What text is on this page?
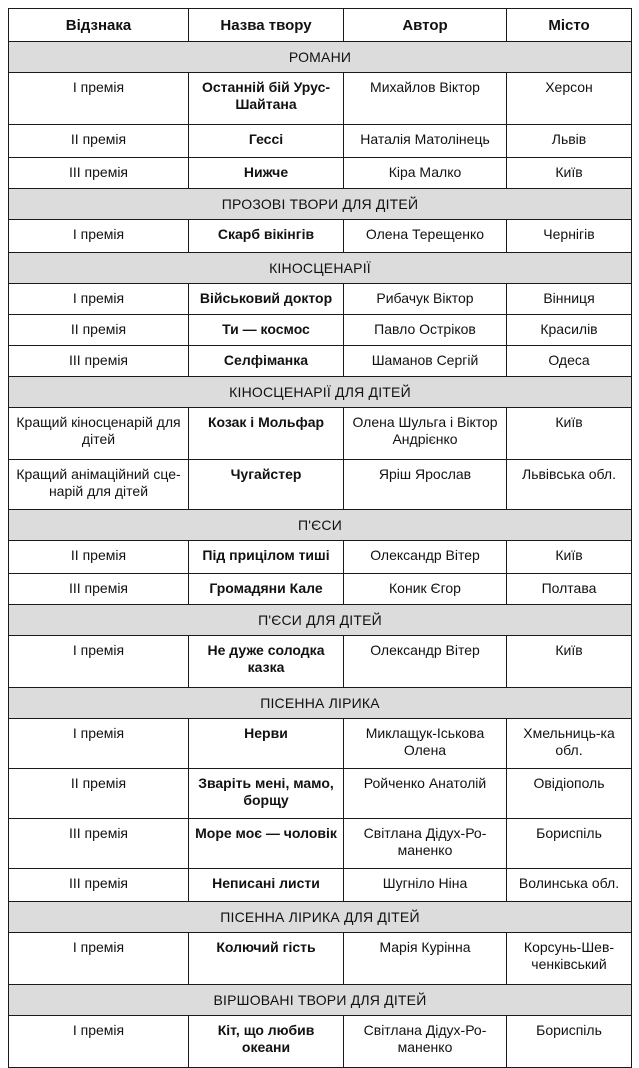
Відзнака	Назва твору	Автор	Місто
РОМАНИ			
I премія	Останній бій Урус-Шайтана	Михайлов Віктор	Херсон
II премія	Гессі	Наталія Матолінець	Львів
III премія	Нижче	Кіра Малко	Київ
ПРОЗОВІ ТВОРИ ДЛЯ ДІТЕЙ			
I премія	Скарб вікінгів	Олена Терещенко	Чернігів
КІНОСЦЕНАРІЇ			
I премія	Військовий доктор	Рибачук Віктор	Вінниця
II премія	Ти — космос	Павло Остріков	Красилів
III премія	Селфіманка	Шаманов Сергій	Одеса
КІНОСЦЕНАРІЇ ДЛЯ ДІТЕЙ			
Кращий кіносценарій для дітей	Козак і Мольфар	Олена Шульга і Віктор Андрієнко	Київ
Кращий анімаційний сце-нарій для дітей	Чугайстер	Яріш Ярослав	Львівська обл.
П'ЄСИ			
II премія	Під прицілом тиші	Олександр Вітер	Київ
III премія	Громадяни Кале	Коник Єгор	Полтава
П'ЄСИ ДЛЯ ДІТЕЙ			
I премія	Не дуже солодка казка	Олександр Вітер	Київ
ПІСЕННА ЛІРИКА			
I премія	Нерви	Миклащук-Іськова Олена	Хмельниць-ка обл.
II премія	Зваріть мені, мамо, борщу	Ройченко Анатолій	Овідіополь
III премія	Море моє — чоловік	Світлана Дідух-Ро-маненко	Бориспіль
III премія	Неписані листи	Шугніло Ніна	Волинська обл.
ПІСЕННА ЛІРИКА ДЛЯ ДІТЕЙ			
I премія	Колючий гість	Марія Курінна	Корсунь-Шев-ченківський
ВІРШОВАНІ ТВОРИ ДЛЯ ДІТЕЙ			
I премія	Кіт, що любив океани	Світлана Дідух-Ро-маненко	Бориспіль
